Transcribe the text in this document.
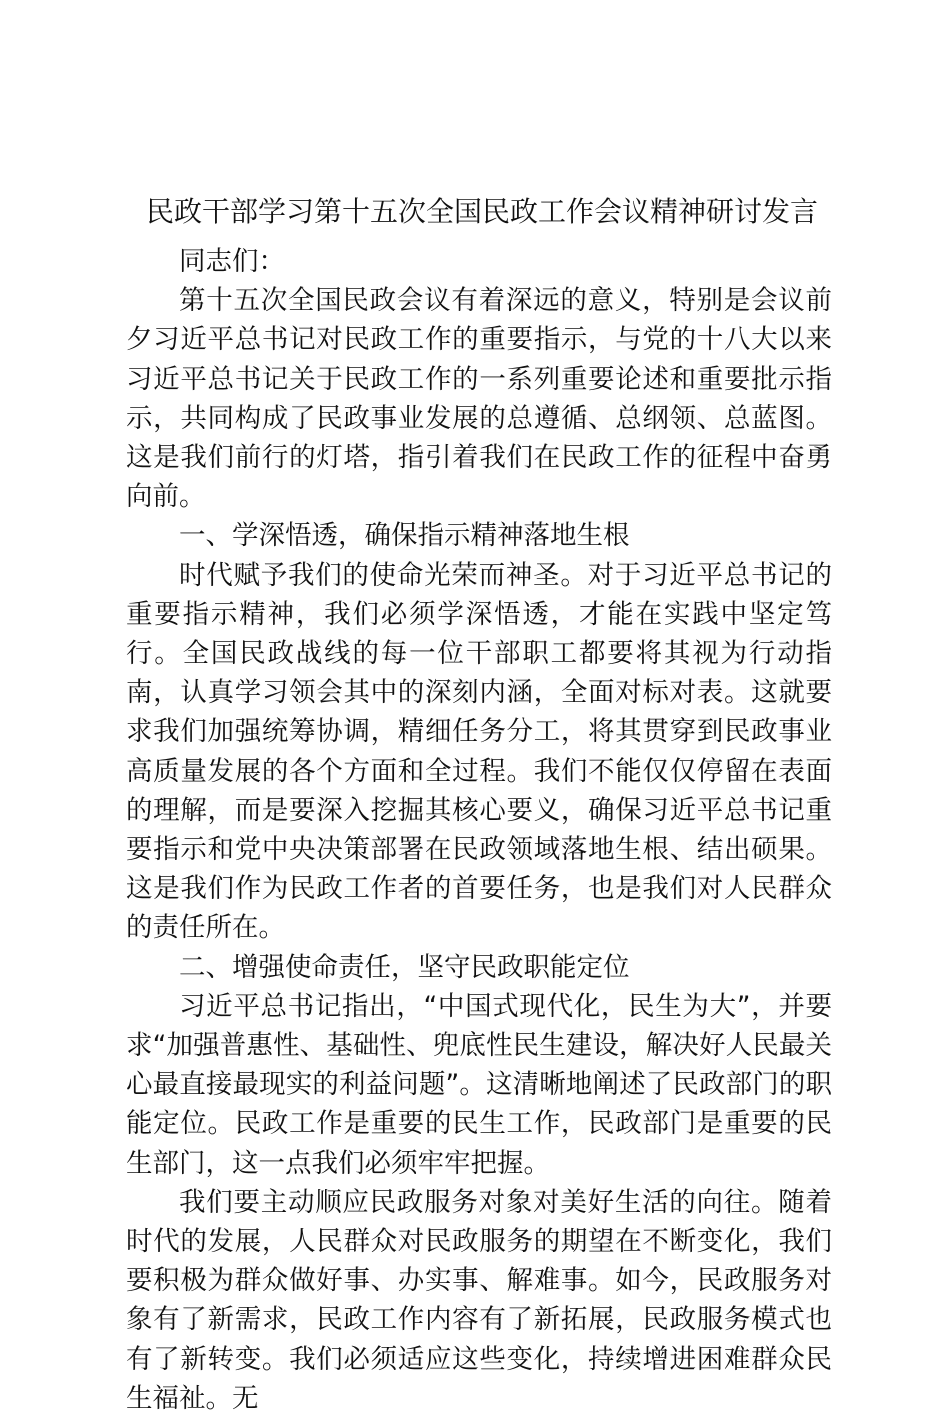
民政干部学习第十五次全国民政工作会议精神研讨发言

同志们：

第十五次全国民政会议有着深远的意义，特别是会议前夕习近平总书记对民政工作的重要指示，与党的十八大以来习近平总书记关于民政工作的一系列重要论述和重要批示指示，共同构成了民政事业发展的总遵循、总纲领、总蓝图。这是我们前行的灯塔，指引着我们在民政工作的征程中奋勇向前。

一、学深悟透，确保指示精神落地生根

时代赋予我们的使命光荣而神圣。对于习近平总书记的重要指示精神，我们必须学深悟透，才能在实践中坚定笃行。全国民政战线的每一位干部职工都要将其视为行动指南，认真学习领会其中的深刻内涵，全面对标对表。这就要求我们加强统筹协调，精细任务分工，将其贯穿到民政事业高质量发展的各个方面和全过程。我们不能仅仅停留在表面的理解，而是要深入挖掘其核心要义，确保习近平总书记重要指示和党中央决策部署在民政领域落地生根、结出硕果。这是我们作为民政工作者的首要任务，也是我们对人民群众的责任所在。

二、增强使命责任，坚守民政职能定位

习近平总书记指出，“中国式现代化，民生为大”，并要求“加强普惠性、基础性、兜底性民生建设，解决好人民最关心最直接最现实的利益问题”。这清晰地阐述了民政部门的职能定位。民政工作是重要的民生工作，民政部门是重要的民生部门，这一点我们必须牢牢把握。

我们要主动顺应民政服务对象对美好生活的向往。随着时代的发展，人民群众对民政服务的期望在不断变化，我们要积极为群众做好事、办实事、解难事。如今，民政服务对象有了新需求，民政工作内容有了新拓展，民政服务模式也有了新转变。我们必须适应这些变化，持续增进困难群众民生福祉。无
